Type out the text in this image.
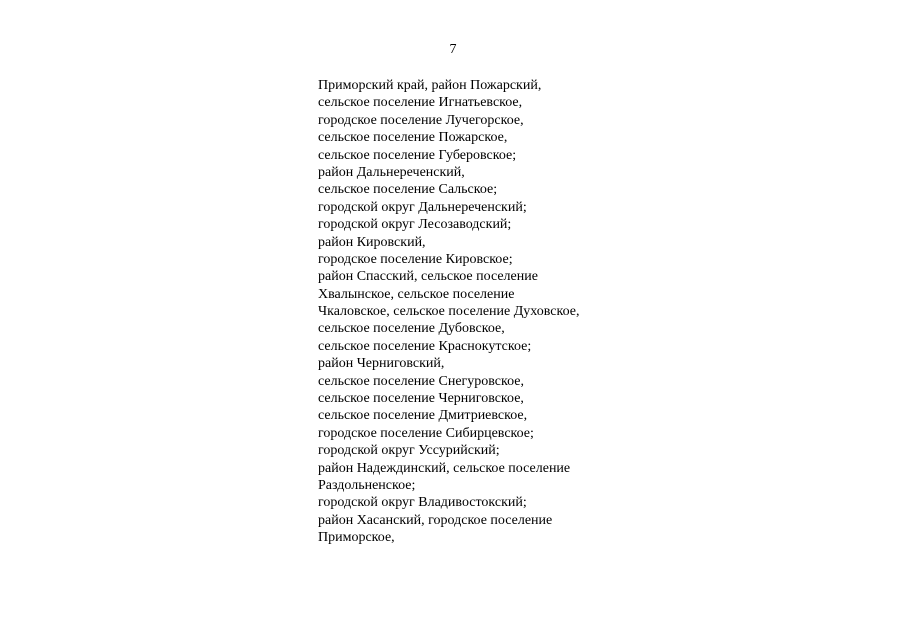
7
Приморский край, район Пожарский,
сельское поселение Игнатьевское,
городское поселение Лучегорское,
сельское поселение Пожарское,
сельское поселение Губеровское;
район Дальнереченский,
сельское поселение Сальское;
городской округ Дальнереченский;
городской округ Лесозаводский;
район Кировский,
городское поселение Кировское;
район Спасский, сельское поселение
Хвалынское, сельское поселение
Чкаловское, сельское поселение Духовское,
сельское поселение Дубовское,
сельское поселение Краснокутское;
район Черниговский,
сельское поселение Снегуровское,
сельское поселение Черниговское,
сельское поселение Дмитриевское,
городское поселение Сибирцевское;
городской округ Уссурийский;
район Надеждинский, сельское поселение
Раздольненское;
городской округ Владивостокский;
район Хасанский, городское поселение
Приморское,
